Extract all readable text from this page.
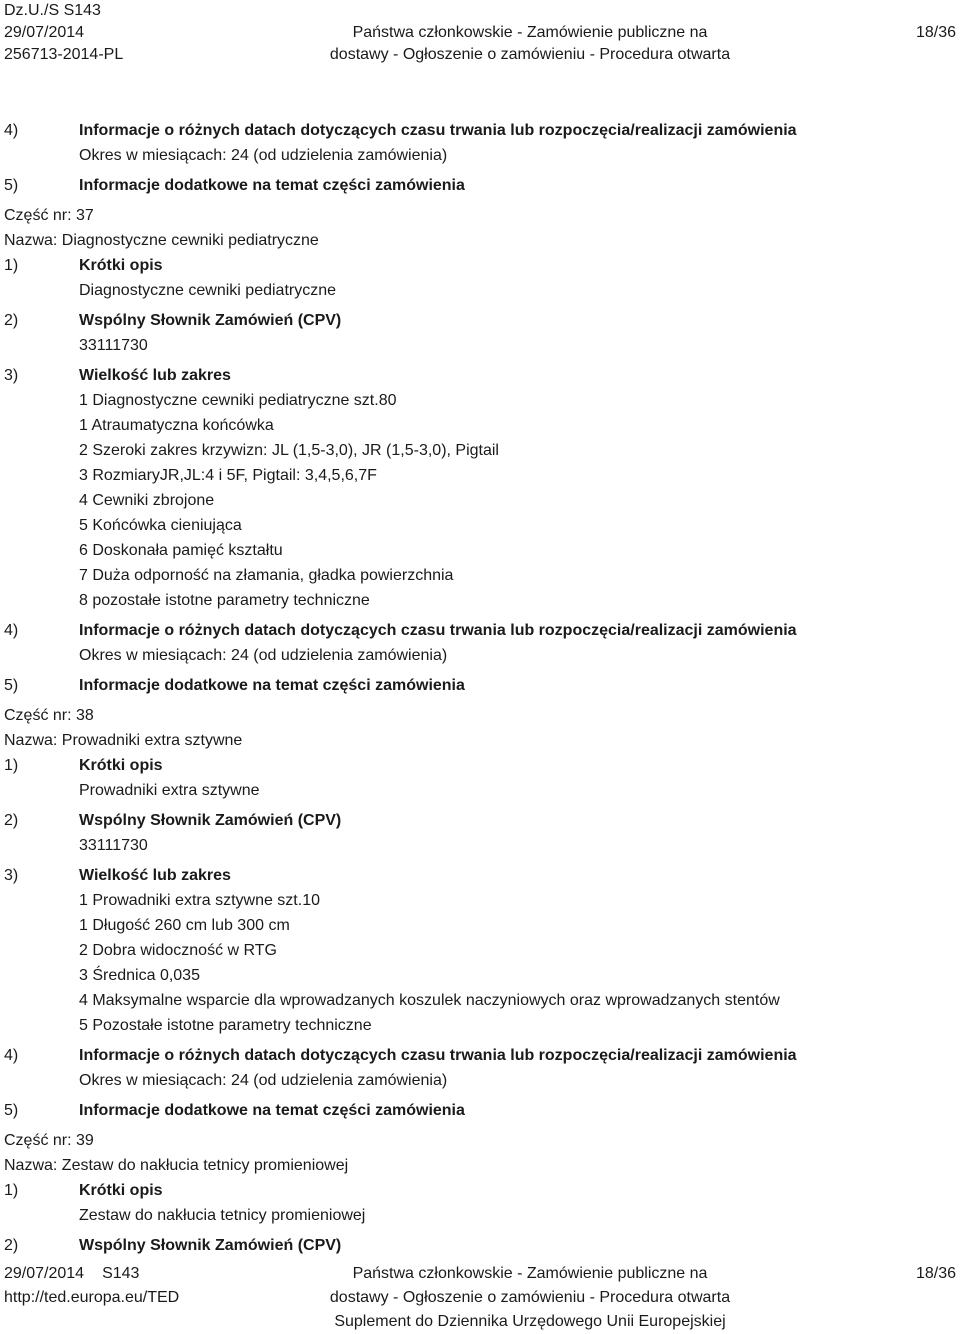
Dz.U./S S143
29/07/2014
256713-2014-PL
Państwa członkowskie - Zamówienie publiczne na
dostawy - Ogłoszenie o zamówieniu - Procedura otwarta
18/36
4)	Informacje o różnych datach dotyczących czasu trwania lub rozpoczęcia/realizacji zamówienia
Okres w miesiącach: 24 (od udzielenia zamówienia)
5)	Informacje dodatkowe na temat części zamówienia
Część nr: 37
Nazwa: Diagnostyczne cewniki pediatryczne
1)	Krótki opis
Diagnostyczne cewniki pediatryczne
2)	Wspólny Słownik Zamówień (CPV)
33111730
3)	Wielkość lub zakres
1 Diagnostyczne cewniki pediatryczne szt.80
1 Atraumatyczna końcówka
2 Szeroki zakres krzywizn: JL (1,5-3,0), JR (1,5-3,0), Pigtail
3 RozmiaryJR,JL:4 i 5F, Pigtail: 3,4,5,6,7F
4 Cewniki zbrojone
5 Końcówka cieniująca
6 Doskonała pamięć kształtu
7 Duża odporność na złamania, gładka powierzchnia
8 pozostałe istotne parametry techniczne
4)	Informacje o różnych datach dotyczących czasu trwania lub rozpoczęcia/realizacji zamówienia
Okres w miesiącach: 24 (od udzielenia zamówienia)
5)	Informacje dodatkowe na temat części zamówienia
Część nr: 38
Nazwa: Prowadniki extra sztywne
1)	Krótki opis
Prowadniki extra sztywne
2)	Wspólny Słownik Zamówień (CPV)
33111730
3)	Wielkość lub zakres
1 Prowadniki extra sztywne szt.10
1 Długość 260 cm lub 300 cm
2 Dobra widoczność w RTG
3 Średnica 0,035
4 Maksymalne wsparcie dla wprowadzanych koszulek naczyniowych oraz wprowadzanych stentów
5 Pozostałe istotne parametry techniczne
4)	Informacje o różnych datach dotyczących czasu trwania lub rozpoczęcia/realizacji zamówienia
Okres w miesiącach: 24 (od udzielenia zamówienia)
5)	Informacje dodatkowe na temat części zamówienia
Część nr: 39
Nazwa: Zestaw do nakłucia tetnicy promieniowej
1)	Krótki opis
Zestaw do nakłucia tetnicy promieniowej
2)	Wspólny Słownik Zamówień (CPV)
29/07/2014 S143
http://ted.europa.eu/TED
Państwa członkowskie - Zamówienie publiczne na
dostawy - Ogłoszenie o zamówieniu - Procedura otwarta
Suplement do Dziennika Urzędowego Unii Europejskiej
18/36
